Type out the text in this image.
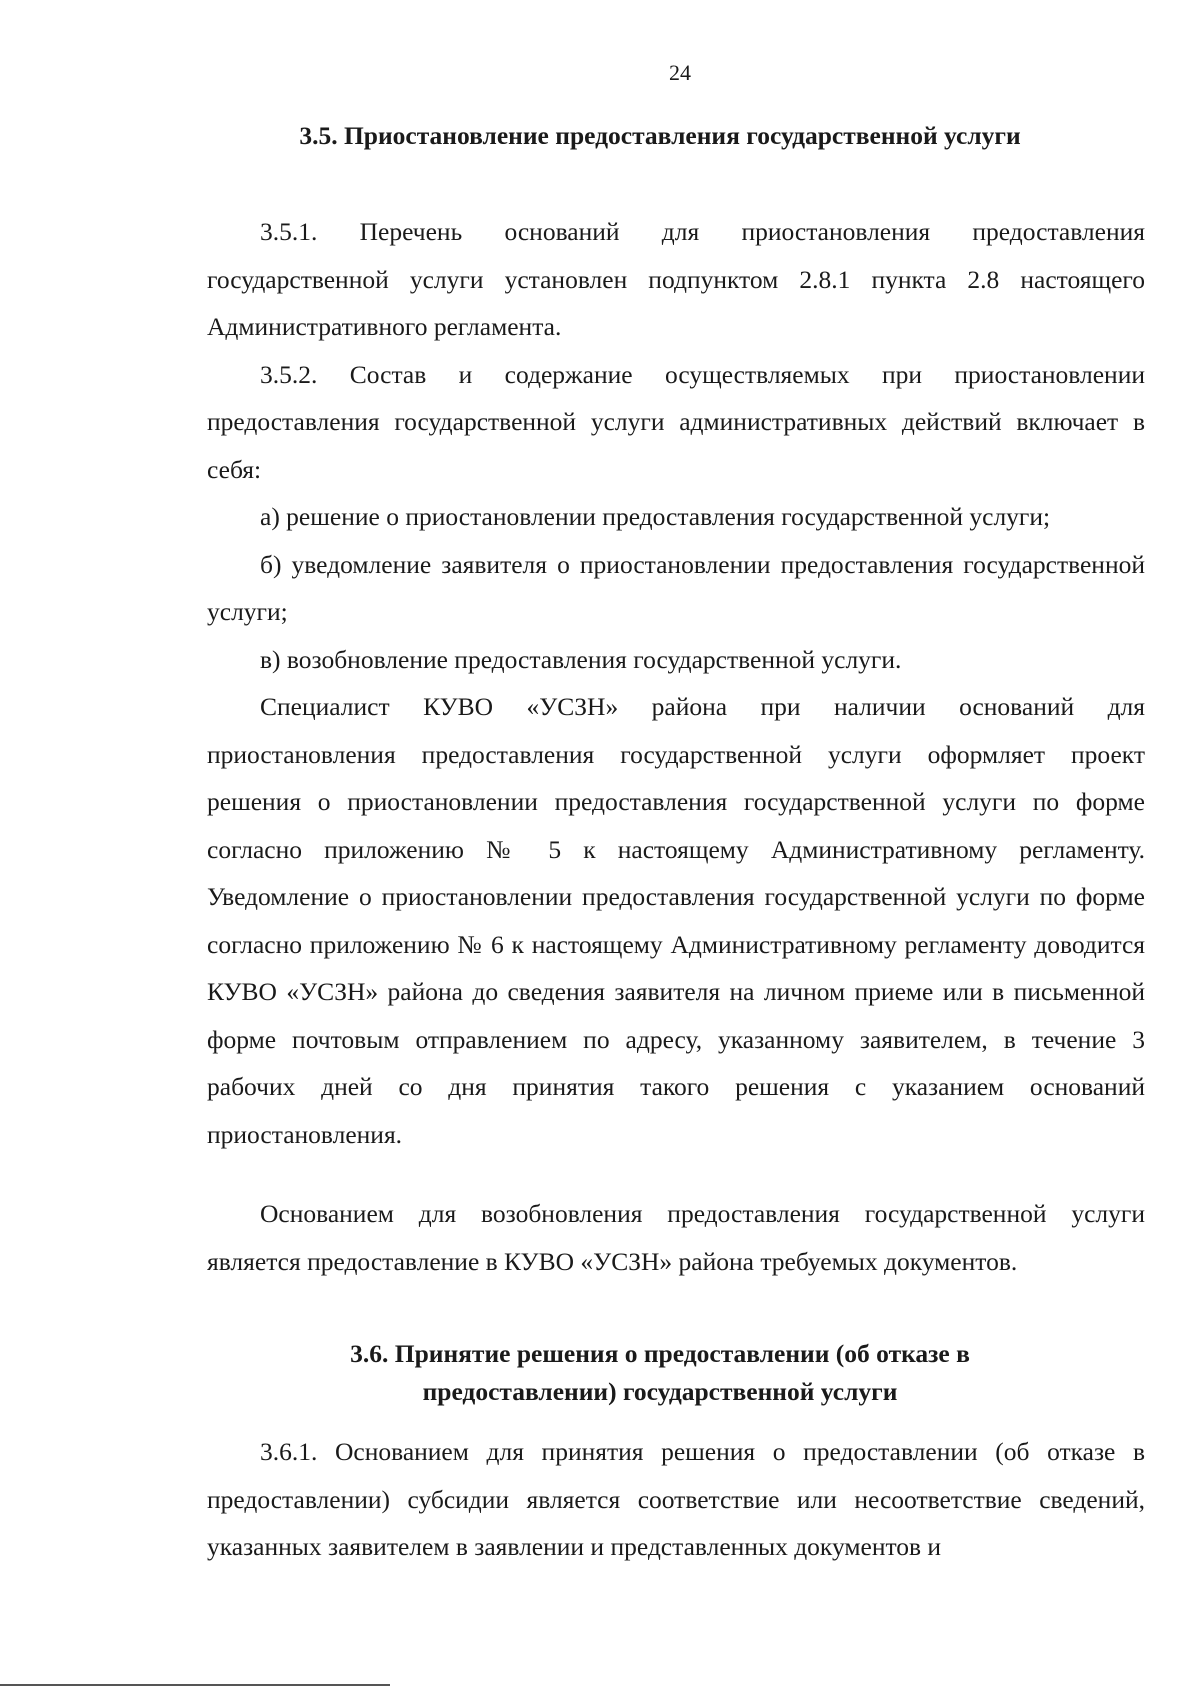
24
3.5. Приостановление предоставления государственной услуги

3.5.1. Перечень оснований для приостановления предоставления государственной услуги установлен подпунктом 2.8.1 пункта 2.8 настоящего Административного регламента.

3.5.2. Состав и содержание осуществляемых при приостановлении предоставления государственной услуги административных действий включает в себя:

а) решение о приостановлении предоставления государственной услуги;

б) уведомление заявителя о приостановлении предоставления государственной услуги;

в) возобновление предоставления государственной услуги.

Специалист КУВО «УСЗН» района при наличии оснований для приостановления предоставления государственной услуги оформляет проект решения о приостановлении предоставления государственной услуги по форме согласно приложению № 5 к настоящему Административному регламенту. Уведомление о приостановлении предоставления государственной услуги по форме согласно приложению № 6 к настоящему Административному регламенту доводится КУВО «УСЗН» района до сведения заявителя на личном приеме или в письменной форме почтовым отправлением по адресу, указанному заявителем, в течение 3 рабочих дней со дня принятия такого решения с указанием оснований приостановления.

Основанием для возобновления предоставления государственной услуги является предоставление в КУВО «УСЗН» района требуемых документов.

3.6. Принятие решения о предоставлении (об отказе в
предоставлении) государственной услуги

3.6.1. Основанием для принятия решения о предоставлении (об отказе в предоставлении) субсидии является соответствие или несоответствие сведений, указанных заявителем в заявлении и представленных документов и
